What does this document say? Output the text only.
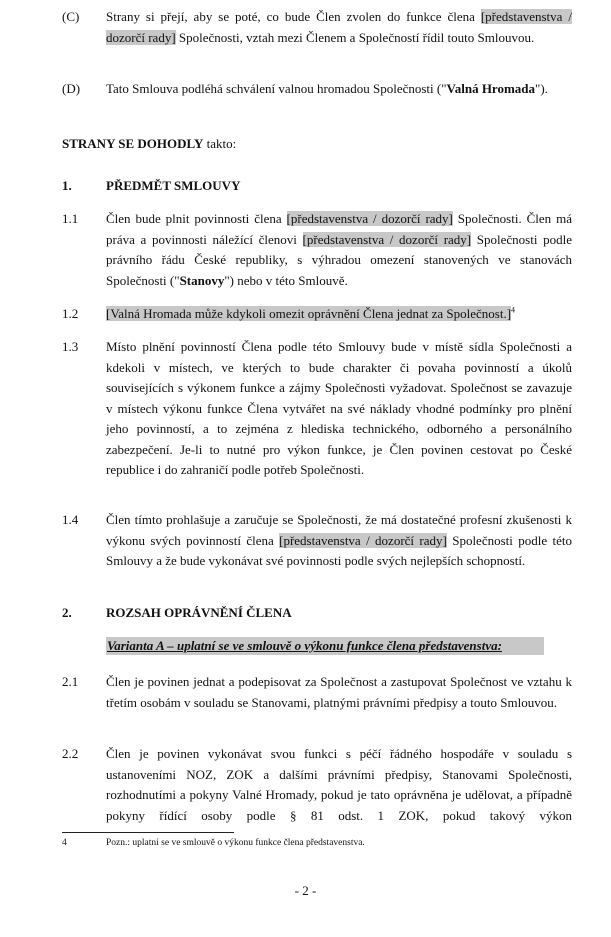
(C) Strany si přejí, aby se poté, co bude Člen zvolen do funkce člena [představenstva / dozorčí rady] Společnosti, vztah mezi Členem a Společností řídil touto Smlouvou.
(D) Tato Smlouva podléhá schválení valnou hromadou Společnosti ("Valná Hromada").
STRANY SE DOHODLY takto:
1.	PŘEDMĚT SMLOUVY
1.1 Člen bude plnit povinnosti člena [představenstva / dozorčí rady] Společnosti. Člen má práva a povinnosti náležící členovi [představenstva / dozorčí rady] Společnosti podle právního řádu České republiky, s výhradou omezení stanovených ve stanovách Společnosti ("Stanovy") nebo v této Smlouvě.
1.2 [Valná Hromada může kdykoli omezit oprávnění Člena jednat za Společnost.]$^4$
1.3 Místo plnění povinností Člena podle této Smlouvy bude v místě sídla Společnosti a kdekoli v místech, ve kterých to bude charakter či povaha povinností a úkolů souvisejících s výkonem funkce a zájmy Společnosti vyžadovat. Společnost se zavazuje v místech výkonu funkce Člena vytvářet na své náklady vhodné podmínky pro plnění jeho povinností, a to zejména z hlediska technického, odborného a personálního zabezpečení. Je-li to nutné pro výkon funkce, je Člen povinen cestovat po České republice i do zahraničí podle potřeb Společnosti.
1.4 Člen tímto prohlašuje a zaručuje se Společnosti, že má dostatečné profesní zkušenosti k výkonu svých povinností člena [představenstva / dozorčí rady] Společnosti podle této Smlouvy a že bude vykonávat své povinnosti podle svých nejlepších schopností.
2.	ROZSAH OPRÁVNĚNÍ ČLENA
Varianta A – uplatní se ve smlouvě o výkonu funkce člena představenstva:
2.1 Člen je povinen jednat a podepisovat za Společnost a zastupovat Společnost ve vztahu k třetím osobám v souladu se Stanovami, platnými právními předpisy a touto Smlouvou.
2.2 Člen je povinen vykonávat svou funkci s péčí řádného hospodáře v souladu s ustanoveními NOZ, ZOK a dalšími právními předpisy, Stanovami Společnosti, rozhodnutími a pokyny Valné Hromady, pokud je tato oprávněna je udělovat, a případně pokyny řídící osoby podle § 81 odst. 1 ZOK, pokud takový výkon
4	Pozn.: uplatní se ve smlouvě o výkonu funkce člena představenstva.
- 2 -
